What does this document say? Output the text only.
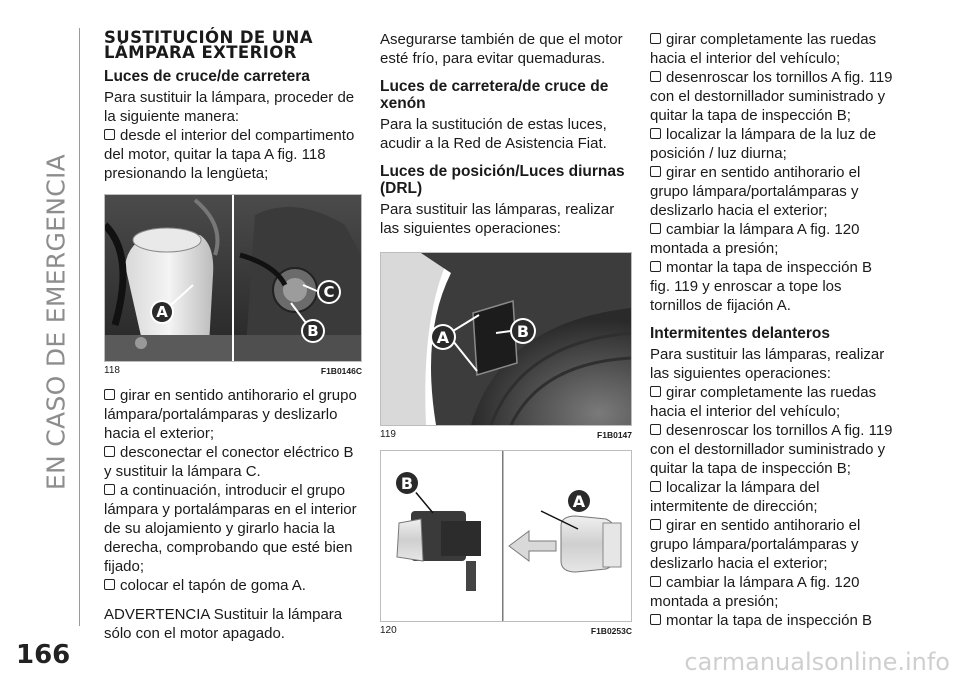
EN CASO DE EMERGENCIA
166	carmanualsonline.info
SUSTITUCIÓN DE UNA
LÁMPARA EXTERIOR
Luces de cruce/de carretera

Para sustituir la lámpara, proceder de la siguiente manera:

desde el interior del compartimento del motor, quitar la tapa A fig. 118 presionando la lengüeta;

A
B
C
118	F1B0146C

girar en sentido antihorario el grupo lámpara/portalámparas y deslizarlo hacia el exterior;

desconectar el conector eléctrico B y sustituir la lámpara C.

a continuación, introducir el grupo lámpara y portalámparas en el interior de su alojamiento y girarlo hacia la derecha, comprobando que esté bien fijado;

colocar el tapón de goma A.

ADVERTENCIA Sustituir la lámpara sólo con el motor apagado.

Asegurarse también de que el motor esté frío, para evitar quemaduras.

Luces de carretera/de cruce de xenón

Para la sustitución de estas luces, acudir a la Red de Asistencia Fiat.

Luces de posición/Luces diurnas (DRL)

Para sustituir las lámparas, realizar las siguientes operaciones:

A	B
119	F1B0147
B
A
120	F1B0253C

girar completamente las ruedas hacia el interior del vehículo;

desenroscar los tornillos A fig. 119 con el destornillador suministrado y quitar la tapa de inspección B;

localizar la lámpara de la luz de posición / luz diurna;

girar en sentido antihorario el grupo lámpara/portalámparas y deslizarlo hacia el exterior;

cambiar la lámpara A fig. 120 montada a presión;

montar la tapa de inspección B fig. 119 y enroscar a tope los tornillos de fijación A.

Intermitentes delanteros

Para sustituir las lámparas, realizar las siguientes operaciones:

girar completamente las ruedas hacia el interior del vehículo;

desenroscar los tornillos A fig. 119 con el destornillador suministrado y quitar la tapa de inspección B;

localizar la lámpara del intermitente de dirección;

girar en sentido antihorario el grupo lámpara/portalámparas y deslizarlo hacia el exterior;

cambiar la lámpara A fig. 120 montada a presión;

montar la tapa de inspección B
